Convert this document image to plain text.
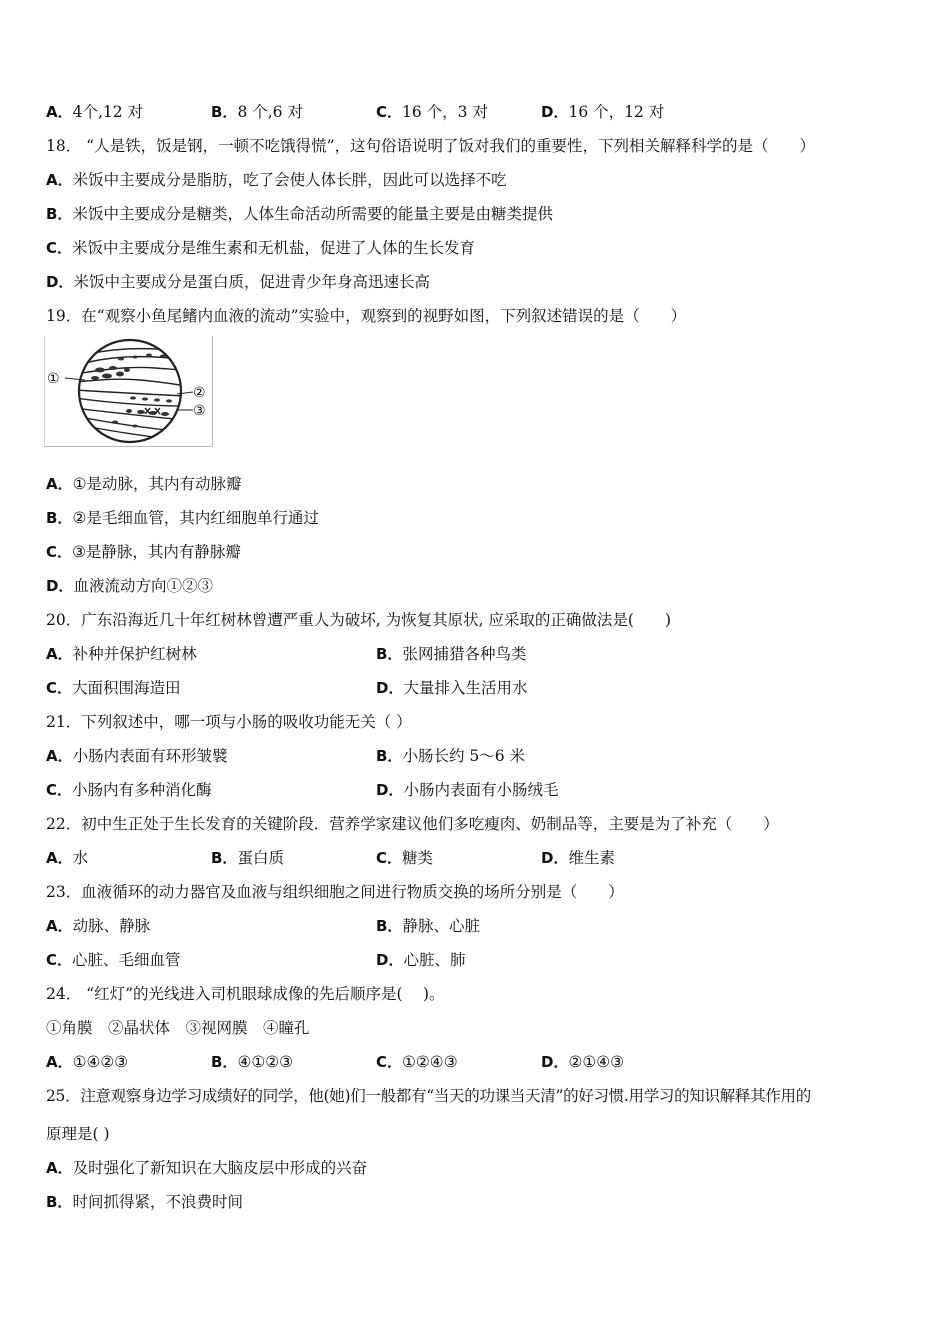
A．4个,12 对	B．8 个,6 对	C．16 个，3 对	D．16 个，12 对
18． “人是铁，饭是钢，一顿不吃饿得慌”，这句俗语说明了饭对我们的重要性，下列相关解释科学的是（　　）
A．米饭中主要成分是脂肪，吃了会使人体长胖，因此可以选择不吃
B．米饭中主要成分是糖类，人体生命活动所需要的能量主要是由糖类提供
C．米饭中主要成分是维生素和无机盐，促进了人体的生长发育
D．米饭中主要成分是蛋白质，促进青少年身高迅速长高
19．在“观察小鱼尾鳍内血液的流动”实验中，观察到的视野如图，下列叙述错误的是（　　）
①
②
③
A．①是动脉，其内有动脉瓣
B．②是毛细血管，其内红细胞单行通过
C．③是静脉，其内有静脉瓣
D．血液流动方向①②③
20．广东沿海近几十年红树林曾遭严重人为破坏, 为恢复其原状, 应采取的正确做法是(　　)
A．补种并保护红树林	B．张网捕猎各种鸟类
C．大面积围海造田	D．大量排入生活用水
21．下列叙述中，哪一项与小肠的吸收功能无关（ ）
A．小肠内表面有环形皱襞	B．小肠长约 5～6 米
C．小肠内有多种消化酶	D．小肠内表面有小肠绒毛
22．初中生正处于生长发育的关键阶段．营养学家建议他们多吃瘦肉、奶制品等，主要是为了补充（　　）
A．水	B．蛋白质	C．糖类	D．维生素
23．血液循环的动力器官及血液与组织细胞之间进行物质交换的场所分别是（　　）
A．动脉、静脉	B．静脉、心脏
C．心脏、毛细血管	D．心脏、肺
24． “红灯”的光线进入司机眼球成像的先后顺序是(　 )。
①角膜　②晶状体　③视网膜　④瞳孔
A．①④②③	B．④①②③	C．①②④③	D．②①④③
25．注意观察身边学习成绩好的同学，他(她)们一般都有“当天的功课当天清”的好习惯.用学习的知识解释其作用的
原理是( )
A．及时强化了新知识在大脑皮层中形成的兴奋
B．时间抓得紧，不浪费时间
